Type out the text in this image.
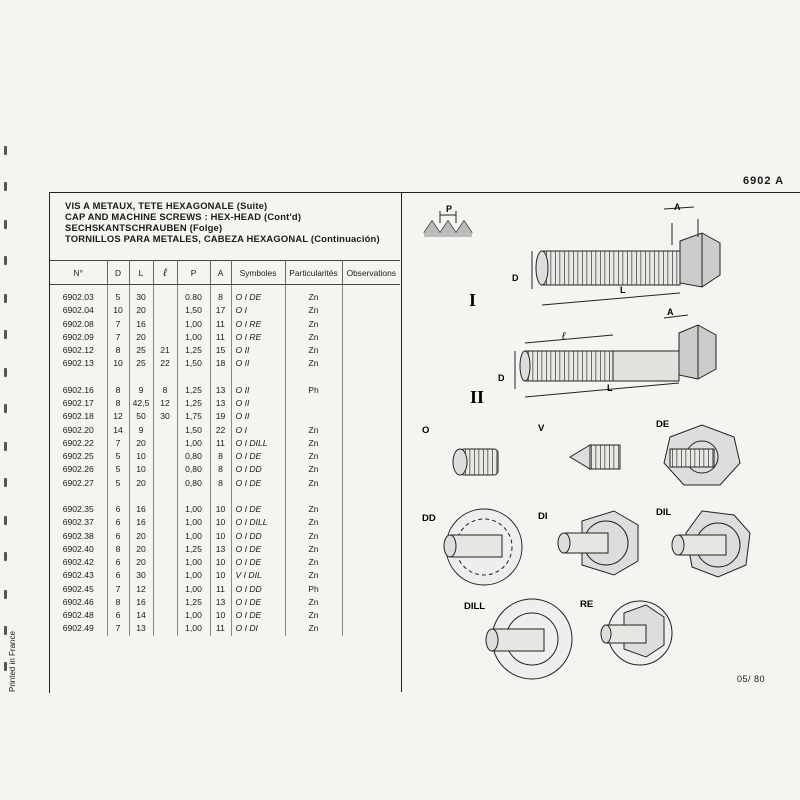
6902 A
VIS A METAUX, TETE HEXAGONALE (Suite)
CAP AND MACHINE SCREWS : HEX-HEAD (Cont'd)
SECHSKANTSCHRAUBEN (Folge)
TORNILLOS PARA METALES, CABEZA HEXAGONAL (Continuación)
N°	D	L	ℓ	P	A	Symboles	Particularités	Observations
6902.03	5	30		0.80	8	O I DE	Zn	
6902.04	10	20		1,50	17	O I	Zn	
6902.08	7	16		1,00	11	O I RE	Zn	
6902.09	7	20		1,00	11	O I RE	Zn	
6902.12	8	25	21	1,25	15	O II	Zn	
6902.13	10	25	22	1,50	18	O II	Zn	

6902.16	8	9	8	1,25	13	O II	Ph	
6902.17	8	42,5	12	1,25	13	O II		
6902.18	12	50	30	1,75	19	O II		
6902.20	14	9		1,50	22	O I	Zn	
6902.22	7	20		1,00	11	O I DILL	Zn	
6902.25	5	10		0,80	8	O I DE	Zn	
6902.26	5	10		0,80	8	O I DD	Zn	
6902.27	5	20		0,80	8	O I DE	Zn	

6902.35	6	16		1,00	10	O I DE	Zn	
6902.37	6	16		1,00	10	O I DILL	Zn	
6902.38	6	20		1,00	10	O I DD	Zn	
6902.40	8	20		1,25	13	O I DE	Zn	
6902.42	6	20		1,00	10	O I DE	Zn	
6902.43	6	30		1,00	10	V I DIL	Zn	
6902.45	7	12		1,00	11	O I DD	Ph	
6902.46	8	16		1,25	13	O I DE	Zn	
6902.48	6	14		1,00	10	O I DE	Zn	
6902.49	7	13		1,00	11	O I DI	Zn	
P	A
D
L
I
A
ℓ
D
L
II
O	V	DE
DD	DI	DIL
DILL	RE
Printed in France	05/ 80
